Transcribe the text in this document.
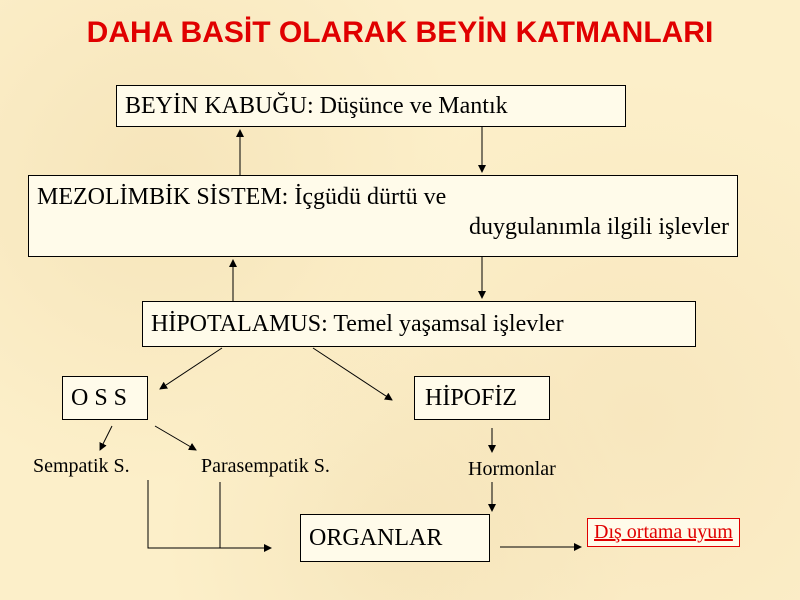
DAHA BASİT OLARAK BEYİN KATMANLARI
BEYİN KABUĞU: Düşünce ve Mantık
MEZOLİMBİK SİSTEM: İçgüdü dürtü ve
duygulanımla ilgili işlevler
HİPOTALAMUS: Temel yaşamsal işlevler
O S S	HİPOFİZ
Sempatik S.	Parasempatik S.	Hormonlar
ORGANLAR	Dış ortama uyum
